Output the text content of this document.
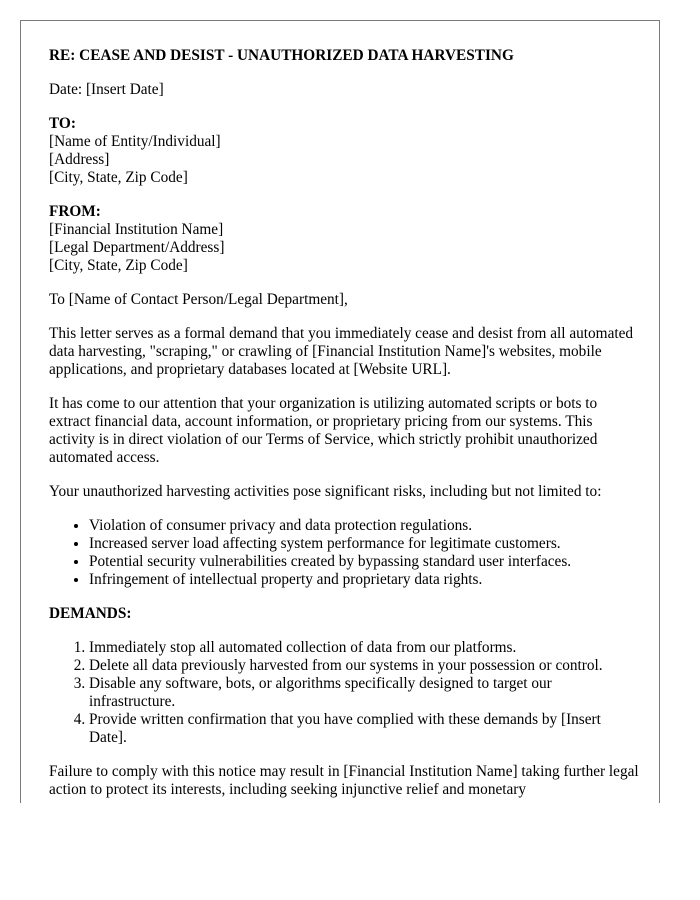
RE: CEASE AND DESIST - UNAUTHORIZED DATA HARVESTING

Date: [Insert Date]

TO:
[Name of Entity/Individual]
[Address]
[City, State, Zip Code]
FROM:
[Financial Institution Name]
[Legal Department/Address]
[City, State, Zip Code]

To [Name of Contact Person/Legal Department],

This letter serves as a formal demand that you immediately cease and desist from all automated data harvesting, "scraping," or crawling of [Financial Institution Name]'s websites, mobile applications, and proprietary databases located at [Website URL].

It has come to our attention that your organization is utilizing automated scripts or bots to extract financial data, account information, or proprietary pricing from our systems. This activity is in direct violation of our Terms of Service, which strictly prohibit unauthorized automated access.

Your unauthorized harvesting activities pose significant risks, including but not limited to:

• Violation of consumer privacy and data protection regulations.
• Increased server load affecting system performance for legitimate customers.
• Potential security vulnerabilities created by bypassing standard user interfaces.
• Infringement of intellectual property and proprietary data rights.
DEMANDS:
1. Immediately stop all automated collection of data from our platforms.
2. Delete all data previously harvested from our systems in your possession or control.
3. Disable any software, bots, or algorithms specifically designed to target our infrastructure.
4. Provide written confirmation that you have complied with these demands by [Insert Date].

Failure to comply with this notice may result in [Financial Institution Name] taking further legal action to protect its interests, including seeking injunctive relief and monetary
